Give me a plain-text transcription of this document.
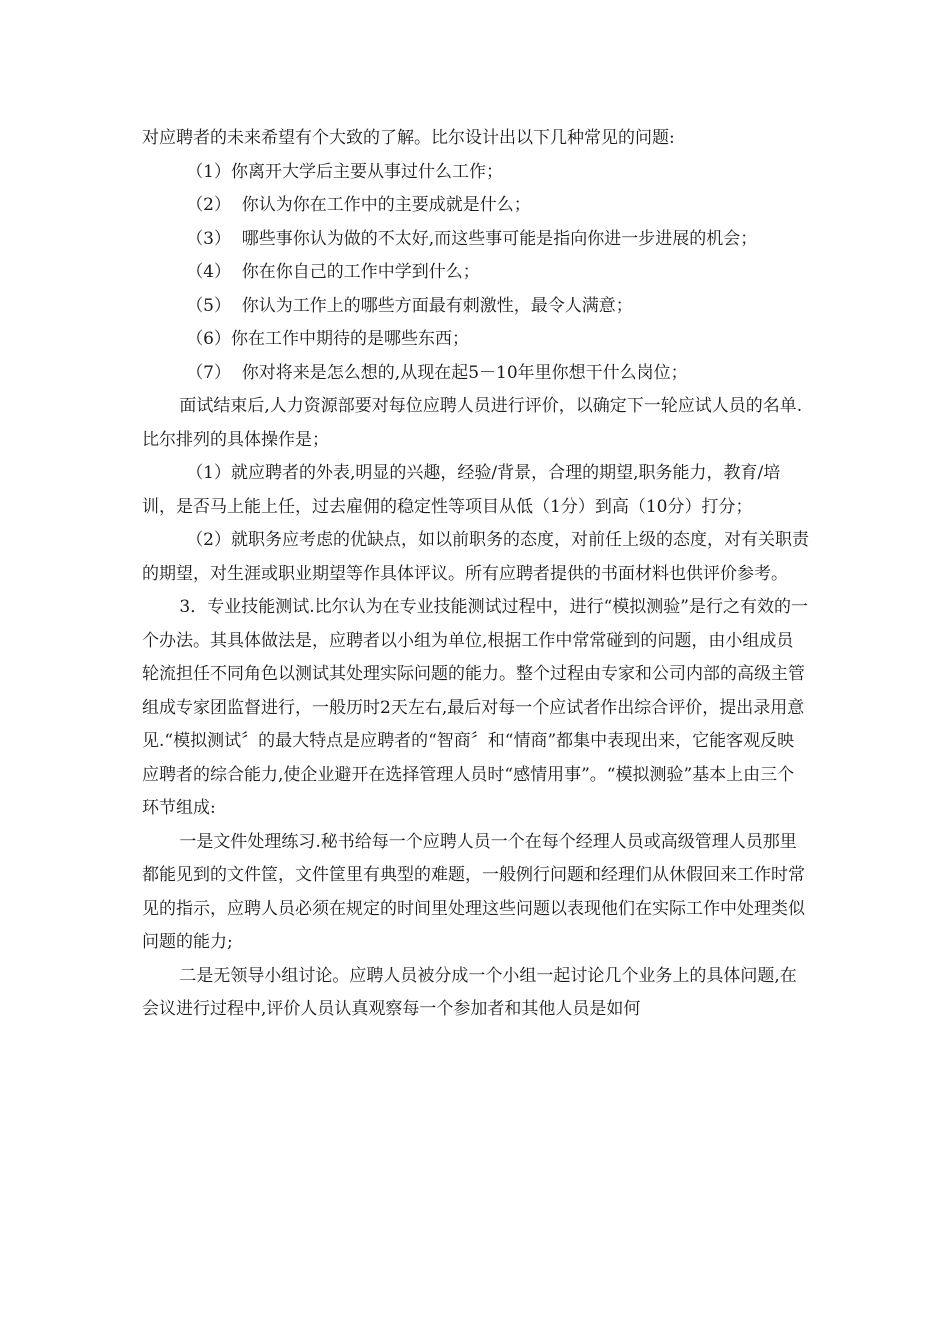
对应聘者的未来希望有个大致的了解。比尔设计出以下几种常见的问题:

（1）你离开大学后主要从事过什么工作；

（2）  你认为你在工作中的主要成就是什么；

（3）  哪些事你认为做的不太好,而这些事可能是指向你进一步进展的机会；

（4）  你在你自己的工作中学到什么；

（5）  你认为工作上的哪些方面最有刺激性，最令人满意；

（6）你在工作中期待的是哪些东西；

（7）  你对将来是怎么想的,从现在起5－10年里你想干什么岗位；

面试结束后,人力资源部要对每位应聘人员进行评价，以确定下一轮应试人员的名单.比尔排列的具体操作是；

（1）就应聘者的外表,明显的兴趣，经验/背景，合理的期望,职务能力，教育/培训，是否马上能上任，过去雇佣的稳定性等项目从低（1分）到高（10分）打分；

（2）就职务应考虑的优缺点，如以前职务的态度，对前任上级的态度，对有关职责的期望，对生涯或职业期望等作具体评议。所有应聘者提供的书面材料也供评价参考。

3．专业技能测试.比尔认为在专业技能测试过程中，进行“模拟测验”是行之有效的一个办法。其具体做法是，应聘者以小组为单位,根据工作中常常碰到的问题，由小组成员轮流担任不同角色以测试其处理实际问题的能力。整个过程由专家和公司内部的高级主管组成专家团监督进行，一般历时2天左右,最后对每一个应试者作出综合评价，提出录用意见.“模拟测试〞的最大特点是应聘者的“智商〞和“情商”都集中表现出来，它能客观反映应聘者的综合能力,使企业避开在选择管理人员时“感情用事”。“模拟测验”基本上由三个环节组成:

一是文件处理练习.秘书给每一个应聘人员一个在每个经理人员或高级管理人员那里都能见到的文件筐，文件筐里有典型的难题，一般例行问题和经理们从休假回来工作时常见的指示，应聘人员必须在规定的时间里处理这些问题以表现他们在实际工作中处理类似问题的能力;

二是无领导小组讨论。应聘人员被分成一个小组一起讨论几个业务上的具体问题,在会议进行过程中,评价人员认真观察每一个参加者和其他人员是如何
